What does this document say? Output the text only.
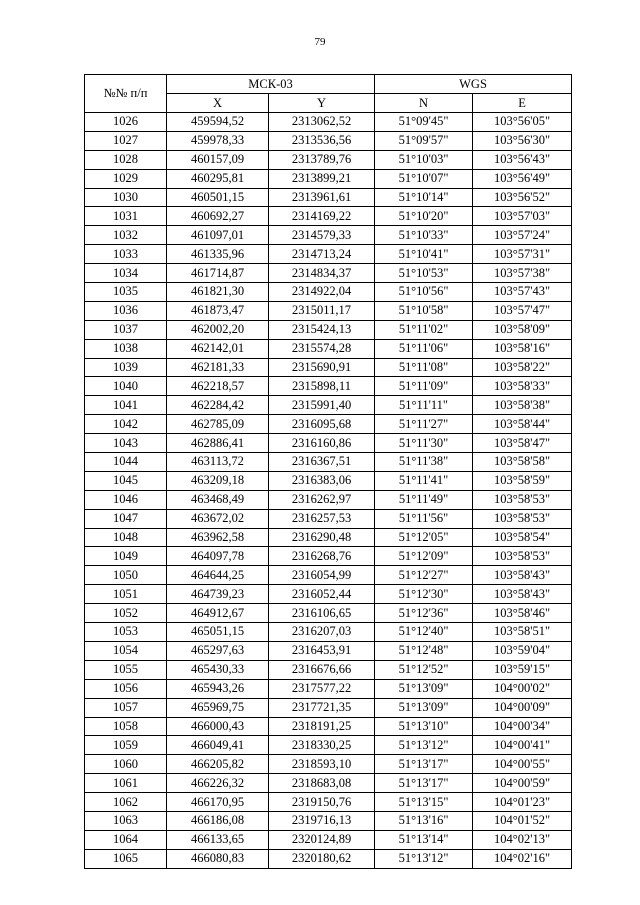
79
№№ п/п	МСК-03		WGS	
	X	Y	N	E
1026	459594,52	2313062,52	51°09'45"	103°56'05"
1027	459978,33	2313536,56	51°09'57"	103°56'30"
1028	460157,09	2313789,76	51°10'03"	103°56'43"
1029	460295,81	2313899,21	51°10'07"	103°56'49"
1030	460501,15	2313961,61	51°10'14"	103°56'52"
1031	460692,27	2314169,22	51°10'20"	103°57'03"
1032	461097,01	2314579,33	51°10'33"	103°57'24"
1033	461335,96	2314713,24	51°10'41"	103°57'31"
1034	461714,87	2314834,37	51°10'53"	103°57'38"
1035	461821,30	2314922,04	51°10'56"	103°57'43"
1036	461873,47	2315011,17	51°10'58"	103°57'47"
1037	462002,20	2315424,13	51°11'02"	103°58'09"
1038	462142,01	2315574,28	51°11'06"	103°58'16"
1039	462181,33	2315690,91	51°11'08"	103°58'22"
1040	462218,57	2315898,11	51°11'09"	103°58'33"
1041	462284,42	2315991,40	51°11'11"	103°58'38"
1042	462785,09	2316095,68	51°11'27"	103°58'44"
1043	462886,41	2316160,86	51°11'30"	103°58'47"
1044	463113,72	2316367,51	51°11'38"	103°58'58"
1045	463209,18	2316383,06	51°11'41"	103°58'59"
1046	463468,49	2316262,97	51°11'49"	103°58'53"
1047	463672,02	2316257,53	51°11'56"	103°58'53"
1048	463962,58	2316290,48	51°12'05"	103°58'54"
1049	464097,78	2316268,76	51°12'09"	103°58'53"
1050	464644,25	2316054,99	51°12'27"	103°58'43"
1051	464739,23	2316052,44	51°12'30"	103°58'43"
1052	464912,67	2316106,65	51°12'36"	103°58'46"
1053	465051,15	2316207,03	51°12'40"	103°58'51"
1054	465297,63	2316453,91	51°12'48"	103°59'04"
1055	465430,33	2316676,66	51°12'52"	103°59'15"
1056	465943,26	2317577,22	51°13'09"	104°00'02"
1057	465969,75	2317721,35	51°13'09"	104°00'09"
1058	466000,43	2318191,25	51°13'10"	104°00'34"
1059	466049,41	2318330,25	51°13'12"	104°00'41"
1060	466205,82	2318593,10	51°13'17"	104°00'55"
1061	466226,32	2318683,08	51°13'17"	104°00'59"
1062	466170,95	2319150,76	51°13'15"	104°01'23"
1063	466186,08	2319716,13	51°13'16"	104°01'52"
1064	466133,65	2320124,89	51°13'14"	104°02'13"
1065	466080,83	2320180,62	51°13'12"	104°02'16"
